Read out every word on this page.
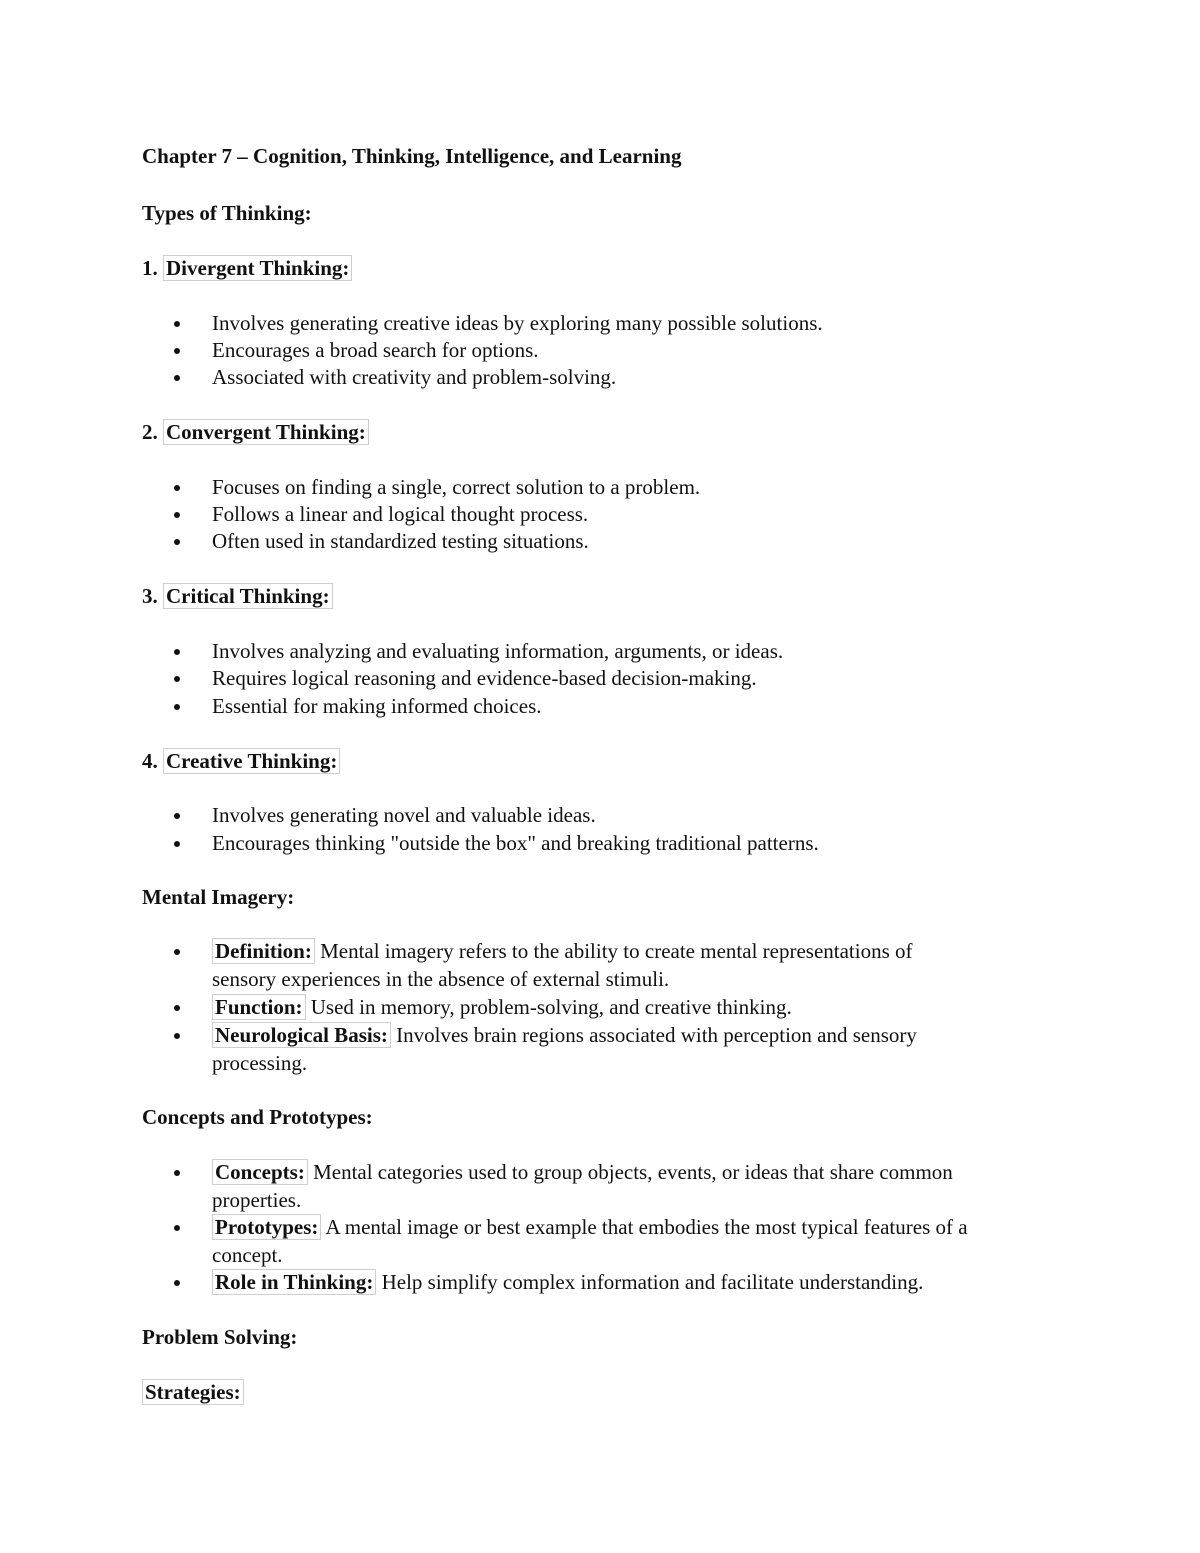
Chapter 7 – Cognition, Thinking, Intelligence, and Learning
Types of Thinking:
1. Divergent Thinking:
Involves generating creative ideas by exploring many possible solutions.
Encourages a broad search for options.
Associated with creativity and problem-solving.
2. Convergent Thinking:
Focuses on finding a single, correct solution to a problem.
Follows a linear and logical thought process.
Often used in standardized testing situations.
3. Critical Thinking:
Involves analyzing and evaluating information, arguments, or ideas.
Requires logical reasoning and evidence-based decision-making.
Essential for making informed choices.
4. Creative Thinking:
Involves generating novel and valuable ideas.
Encourages thinking "outside the box" and breaking traditional patterns.
Mental Imagery:
Definition: Mental imagery refers to the ability to create mental representations of
sensory experiences in the absence of external stimuli.
Function: Used in memory, problem-solving, and creative thinking.
Neurological Basis: Involves brain regions associated with perception and sensory
processing.
Concepts and Prototypes:
Concepts: Mental categories used to group objects, events, or ideas that share common
properties.
Prototypes: A mental image or best example that embodies the most typical features of a
concept.
Role in Thinking: Help simplify complex information and facilitate understanding.
Problem Solving:
Strategies:
